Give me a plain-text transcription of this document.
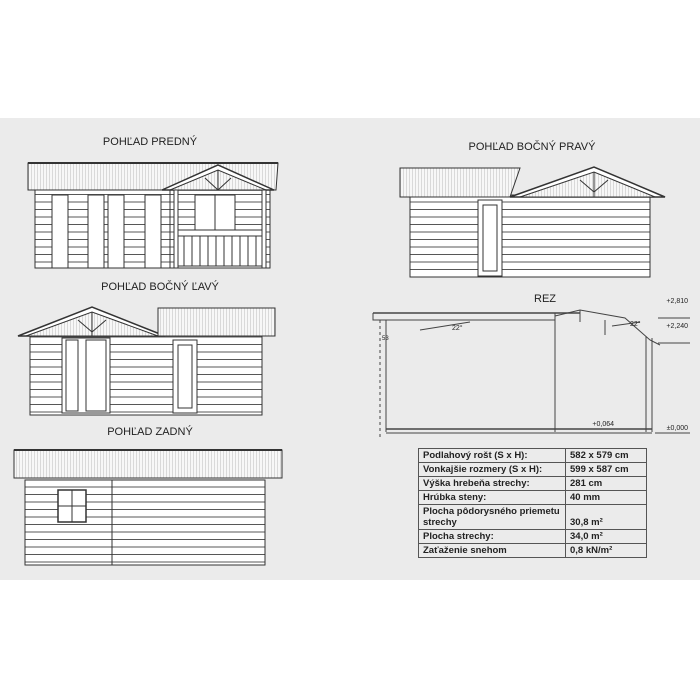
POHĽAD PREDNÝ	POHĽAD BOČNÝ PRAVÝ
POHĽAD BOČNÝ ĽAVÝ
REZ
22°
22°
+2,810
+2,240
+0,064
±0,000
53
POHĽAD ZADNÝ
Podlahový rošt (S x H):	582 x 579 cm
Vonkajšie rozmery (S x H):	599 x 587 cm
Výška hrebeňa strechy:	281 cm
Hrúbka steny:	40 mm
Plocha pôdorysného priemetu strechy	30,8 m²
Plocha strechy:	34,0 m²
Zaťaženie snehom	0,8 kN/m²
